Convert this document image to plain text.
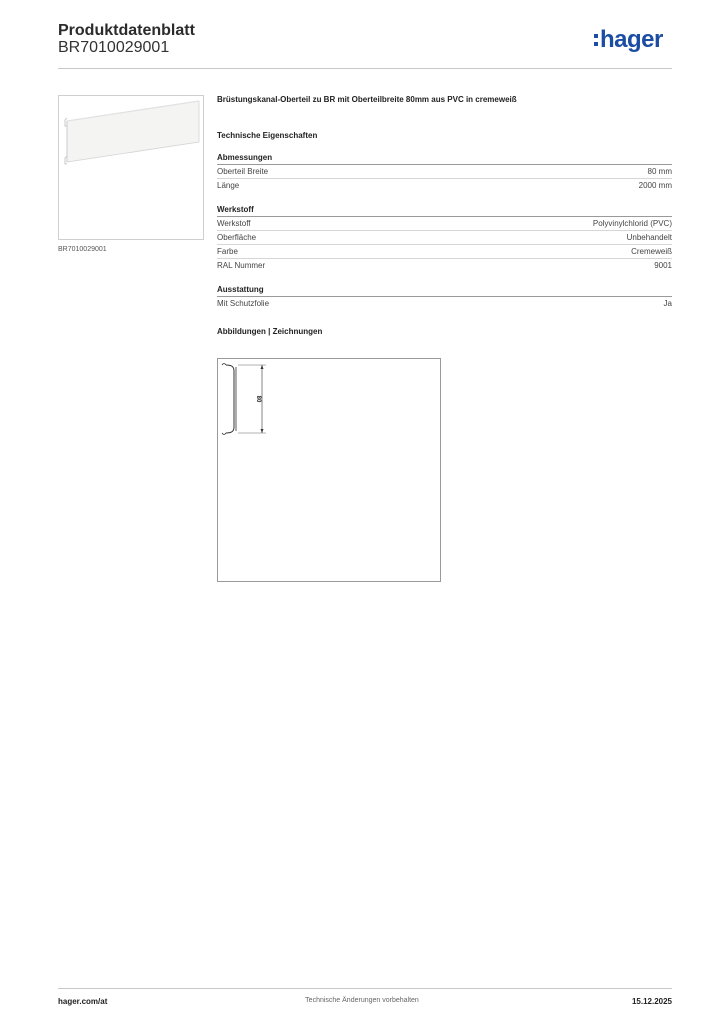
Produktdatenblatt
BR7010029001	hager
BR7010029001
Brüstungskanal-Oberteil zu BR mit Oberteilbreite 80mm aus PVC in cremeweiß
Technische Eigenschaften
Abmessungen
Oberteil Breite	80 mm
Länge	2000 mm
Werkstoff
Werkstoff	Polyvinylchlorid (PVC)
Oberfläche	Unbehandelt
Farbe	Cremeweiß
RAL Nummer	9001
Ausstattung
Mit Schutzfolie	Ja
Abbildungen | Zeichnungen
80
hager.com/at	Technische Änderungen vorbehalten	15.12.2025
